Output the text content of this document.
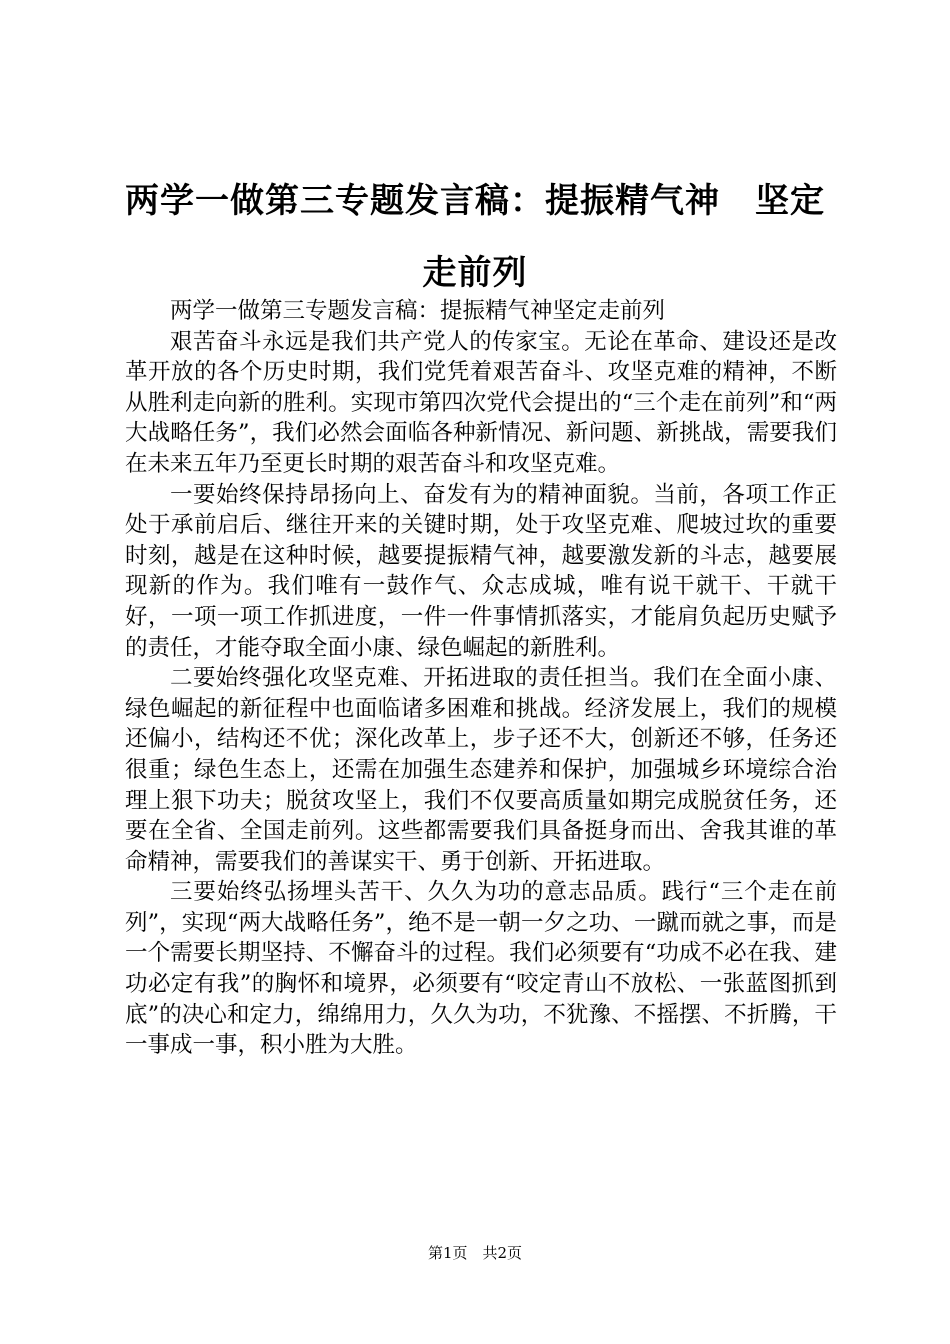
两学一做第三专题发言稿：提振精气神　坚定
走前列

两学一做第三专题发言稿：提振精气神坚定走前列

艰苦奋斗永远是我们共产党人的传家宝。无论在革命、建设还是改革开放的各个历史时期，我们党凭着艰苦奋斗、攻坚克难的精神，不断从胜利走向新的胜利。实现市第四次党代会提出的“三个走在前列”和“两大战略任务”，我们必然会面临各种新情况、新问题、新挑战，需要我们在未来五年乃至更长时期的艰苦奋斗和攻坚克难。

一要始终保持昂扬向上、奋发有为的精神面貌。当前，各项工作正处于承前启后、继往开来的关键时期，处于攻坚克难、爬坡过坎的重要时刻，越是在这种时候，越要提振精气神，越要激发新的斗志，越要展现新的作为。我们唯有一鼓作气、众志成城，唯有说干就干、干就干好，一项一项工作抓进度，一件一件事情抓落实，才能肩负起历史赋予的责任，才能夺取全面小康、绿色崛起的新胜利。

二要始终强化攻坚克难、开拓进取的责任担当。我们在全面小康、绿色崛起的新征程中也面临诸多困难和挑战。经济发展上，我们的规模还偏小，结构还不优；深化改革上，步子还不大，创新还不够，任务还很重；绿色生态上，还需在加强生态建养和保护，加强城乡环境综合治理上狠下功夫；脱贫攻坚上，我们不仅要高质量如期完成脱贫任务，还要在全省、全国走前列。这些都需要我们具备挺身而出、舍我其谁的革命精神，需要我们的善谋实干、勇于创新、开拓进取。

三要始终弘扬埋头苦干、久久为功的意志品质。践行“三个走在前列”，实现“两大战略任务”，绝不是一朝一夕之功、一蹴而就之事，而是一个需要长期坚持、不懈奋斗的过程。我们必须要有“功成不必在我、建功必定有我”的胸怀和境界，必须要有“咬定青山不放松、一张蓝图抓到底”的决心和定力，绵绵用力，久久为功，不犹豫、不摇摆、不折腾，干一事成一事，积小胜为大胜。

第1页　共2页
